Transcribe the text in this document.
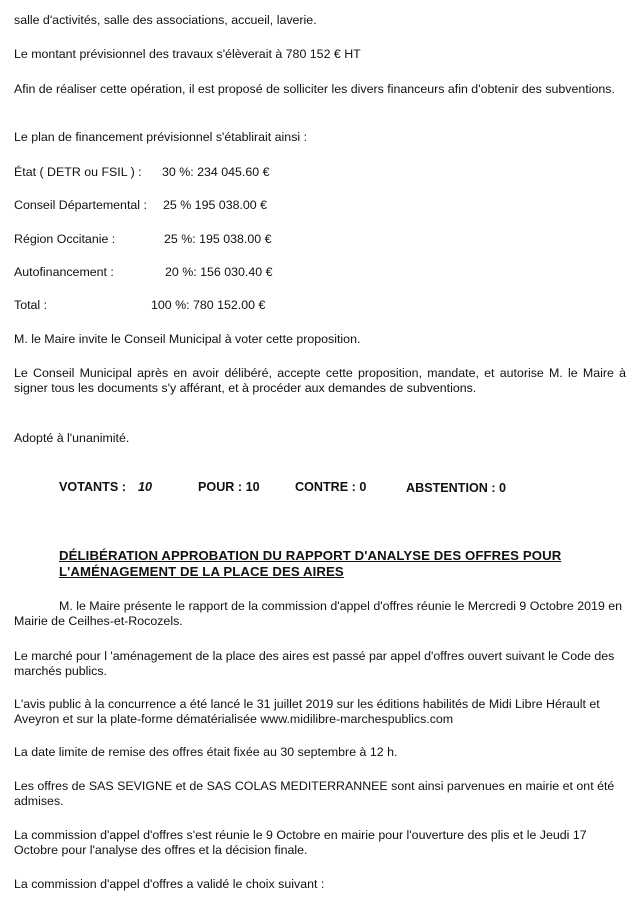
salle d'activités, salle des associations, accueil, laverie.
Le montant prévisionnel des travaux s'élèverait à 780 152 € HT
Afin de réaliser cette opération, il est proposé de solliciter les divers financeurs afin d'obtenir des subventions.
Le plan de financement prévisionnel s'établirait ainsi :
État ( DETR ou FSIL ) : 30 %: 234 045.60 €
Conseil Départemental : 25 % 195 038.00 €
Région Occitanie :	25 %: 195 038.00 €
Autofinancement :	20 %: 156 030.40 €
Total :	100 %: 780 152.00 €
M. le Maire invite le Conseil Municipal à voter cette proposition.
Le Conseil Municipal après en avoir délibéré, accepte cette proposition, mandate, et autorise M. le Maire à signer tous les documents s'y afférant, et à procéder aux demandes de subventions.
Adopté à l'unanimité.
VOTANTS : 10	POUR : 10	CONTRE : 0	ABSTENTION : 0
DÉLIBÉRATION APPROBATION DU RAPPORT D'ANALYSE DES OFFRES POUR
L'AMÉNAGEMENT DE LA PLACE DES AIRES
M. le Maire présente le rapport de la commission d'appel d'offres réunie le Mercredi 9 Octobre 2019 en Mairie de Ceilhes-et-Rocozels.
Le marché pour l 'aménagement de la place des aires est passé par appel d'offres ouvert suivant le Code des marchés publics.
L'avis public à la concurrence a été lancé le 31 juillet 2019 sur les éditions habilités de Midi Libre Hérault et Aveyron et sur la plate-forme dématérialisée www.midilibre-marchespublics.com
La date limite de remise des offres était fixée au 30 septembre à 12 h.
Les offres de SAS SEVIGNE et de SAS COLAS MEDITERRANNEE sont ainsi parvenues en mairie et ont été admises.
La commission d'appel d'offres s'est réunie le 9 Octobre en mairie pour l'ouverture des plis et le Jeudi 17 Octobre pour l'analyse des offres et la décision finale.
La commission d'appel d'offres a validé le choix suivant :
